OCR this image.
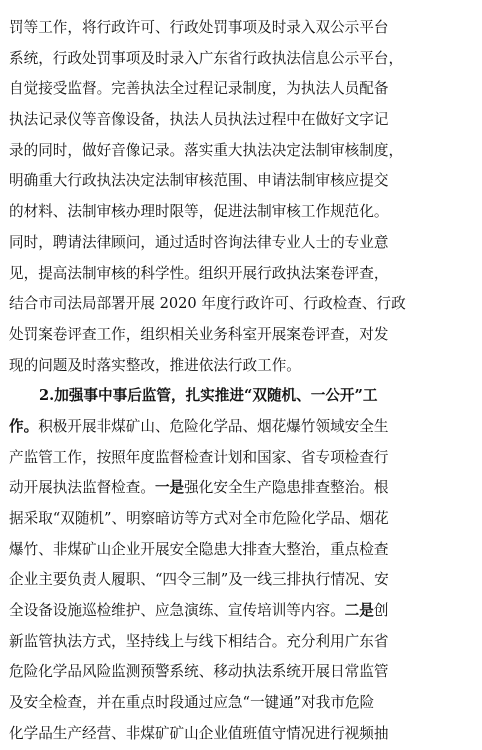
罚等工作，将行政许可、行政处罚事项及时录入双公示平台
系统，行政处罚事项及时录入广东省行政执法信息公示平台，
自觉接受监督。完善执法全过程记录制度，为执法人员配备
执法记录仪等音像设备，执法人员执法过程中在做好文字记
录的同时，做好音像记录。落实重大执法决定法制审核制度，
明确重大行政执法决定法制审核范围、申请法制审核应提交
的材料、法制审核办理时限等，促进法制审核工作规范化。
同时，聘请法律顾问，通过适时咨询法律专业人士的专业意
见，提高法制审核的科学性。组织开展行政执法案卷评查，
结合市司法局部署开展 2020 年度行政许可、行政检查、行政
处罚案卷评查工作，组织相关业务科室开展案卷评查，对发
现的问题及时落实整改，推进依法行政工作。
2.加强事中事后监管，扎实推进“双随机、一公开”工
作。积极开展非煤矿山、危险化学品、烟花爆竹领域安全生
产监管工作，按照年度监督检查计划和国家、省专项检查行
动开展执法监督检查。一是强化安全生产隐患排查整治。根
据采取“双随机”、明察暗访等方式对全市危险化学品、烟花
爆竹、非煤矿山企业开展安全隐患大排查大整治，重点检查
企业主要负责人履职、“四令三制”及一线三排执行情况、安
全设备设施巡检维护、应急演练、宣传培训等内容。二是创
新监管执法方式，坚持线上与线下相结合。充分利用广东省
危险化学品风险监测预警系统、移动执法系统开展日常监管
及安全检查，并在重点时段通过应急“一键通”对我市危险
化学品生产经营、非煤矿矿山企业值班值守情况进行视频抽
